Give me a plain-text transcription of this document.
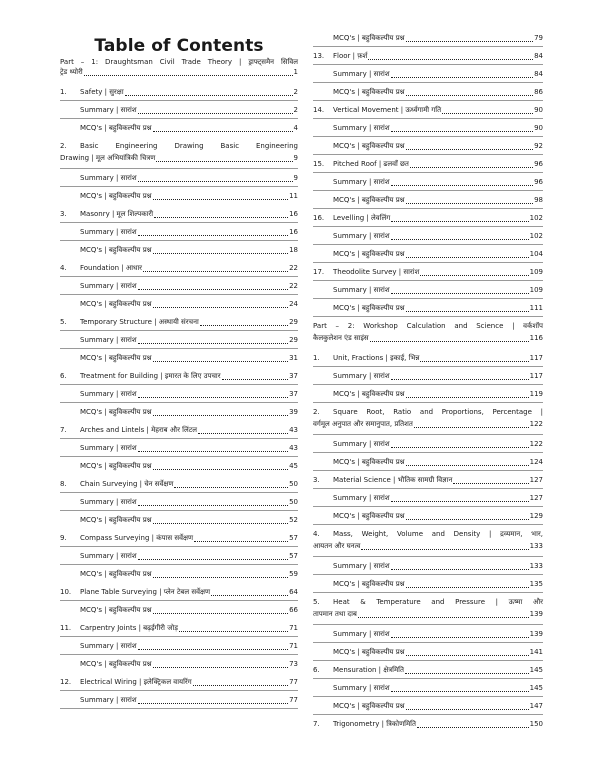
Table of Contents
Part – 1: Draughtsman Civil Trade Theory | ड्राफ्ट्समैन सिविल
ट्रेड थ्योरी	1
1.	Safety | सुरक्षा	2
Summary | सारांश	2
MCQ's | बहुविकल्पीय प्रश्न	4
2. Basic Engineering Drawing Basic Engineering
Drawing | मूल अभियांत्रिकी चित्रण	9
Summary | सारांश	9
MCQ's | बहुविकल्पीय प्रश्न	11
3.	Masonry | मूल शिल्पकारी	16
Summary | सारांश	16
MCQ's | बहुविकल्पीय प्रश्न	18
4.	Foundation | आधार	22
Summary | सारांश	22
MCQ's | बहुविकल्पीय प्रश्न	24
5.	Temporary Structure | अस्थायी संरचना	29
Summary | सारांश	29
MCQ's | बहुविकल्पीय प्रश्न	31
6.	Treatment for Building | इमारत के लिए उपचार	37
Summary | सारांश	37
MCQ's | बहुविकल्पीय प्रश्न	39
7.	Arches and Lintels | मेहराब और लिंटल	43
Summary | सारांश	43
MCQ's | बहुविकल्पीय प्रश्न	45
8.	Chain Surveying | चेन सर्वेक्षण	50
Summary | सारांश	50
MCQ's | बहुविकल्पीय प्रश्न	52
9.	Compass Surveying | कंपास सर्वेक्षण	57
Summary | सारांश	57
MCQ's | बहुविकल्पीय प्रश्न	59
10.	Plane Table Surveying | प्लेन टेबल सर्वेक्षण	64
MCQ's | बहुविकल्पीय प्रश्न	66
11.	Carpentry Joints | बढ़ईगीरी जोड़	71
Summary | सारांश	71
MCQ's | बहुविकल्पीय प्रश्न	73
12.	Electrical Wiring | इलेक्ट्रिकल वायरिंग	77
Summary | सारांश	77
MCQ's | बहुविकल्पीय प्रश्न	79
13.	Floor | फ़र्श	84
Summary | सारांश	84
MCQ's | बहुविकल्पीय प्रश्न	86
14.	Vertical Movement | ऊर्ध्वगामी गति	90
Summary | सारांश	90
MCQ's | बहुविकल्पीय प्रश्न	92
15.	Pitched Roof | ढलवाँ छत	96
Summary | सारांश	96
MCQ's | बहुविकल्पीय प्रश्न	98
16.	Levelling | लेवलिंग	102
Summary | सारांश	102
MCQ's | बहुविकल्पीय प्रश्न	104
17.	Theodolite Survey | सारांश	109
Summary | सारांश	109
MCQ's | बहुविकल्पीय प्रश्न	111
Part – 2: Workshop Calculation and Science | वर्कशॉप
कैलकुलेशन एंड साइंस	116
1.	Unit, Fractions | इकाई, भिन्न	117
Summary | सारांश	117
MCQ's | बहुविकल्पीय प्रश्न	119
2. Square Root, Ratio and Proportions, Percentage |
वर्गमूल अनुपात और समानुपात, प्रतिशत	122
Summary | सारांश	122
MCQ's | बहुविकल्पीय प्रश्न	124
3.	Material Science | भौतिक सामग्री विज्ञान	127
Summary | सारांश	127
MCQ's | बहुविकल्पीय प्रश्न	129
4. Mass, Weight, Volume and Density | द्रव्यमान, भार,
आयतन और घनत्व	133
Summary | सारांश	133
MCQ's | बहुविकल्पीय प्रश्न	135
5. Heat & Temperature and Pressure | ऊष्मा और
तापमान तथा दाब	139
Summary | सारांश	139
MCQ's | बहुविकल्पीय प्रश्न	141
6.	Mensuration | क्षेत्रमिति	145
Summary | सारांश	145
MCQ's | बहुविकल्पीय प्रश्न	147
7.	Trigonometry | त्रिकोणमिति	150
